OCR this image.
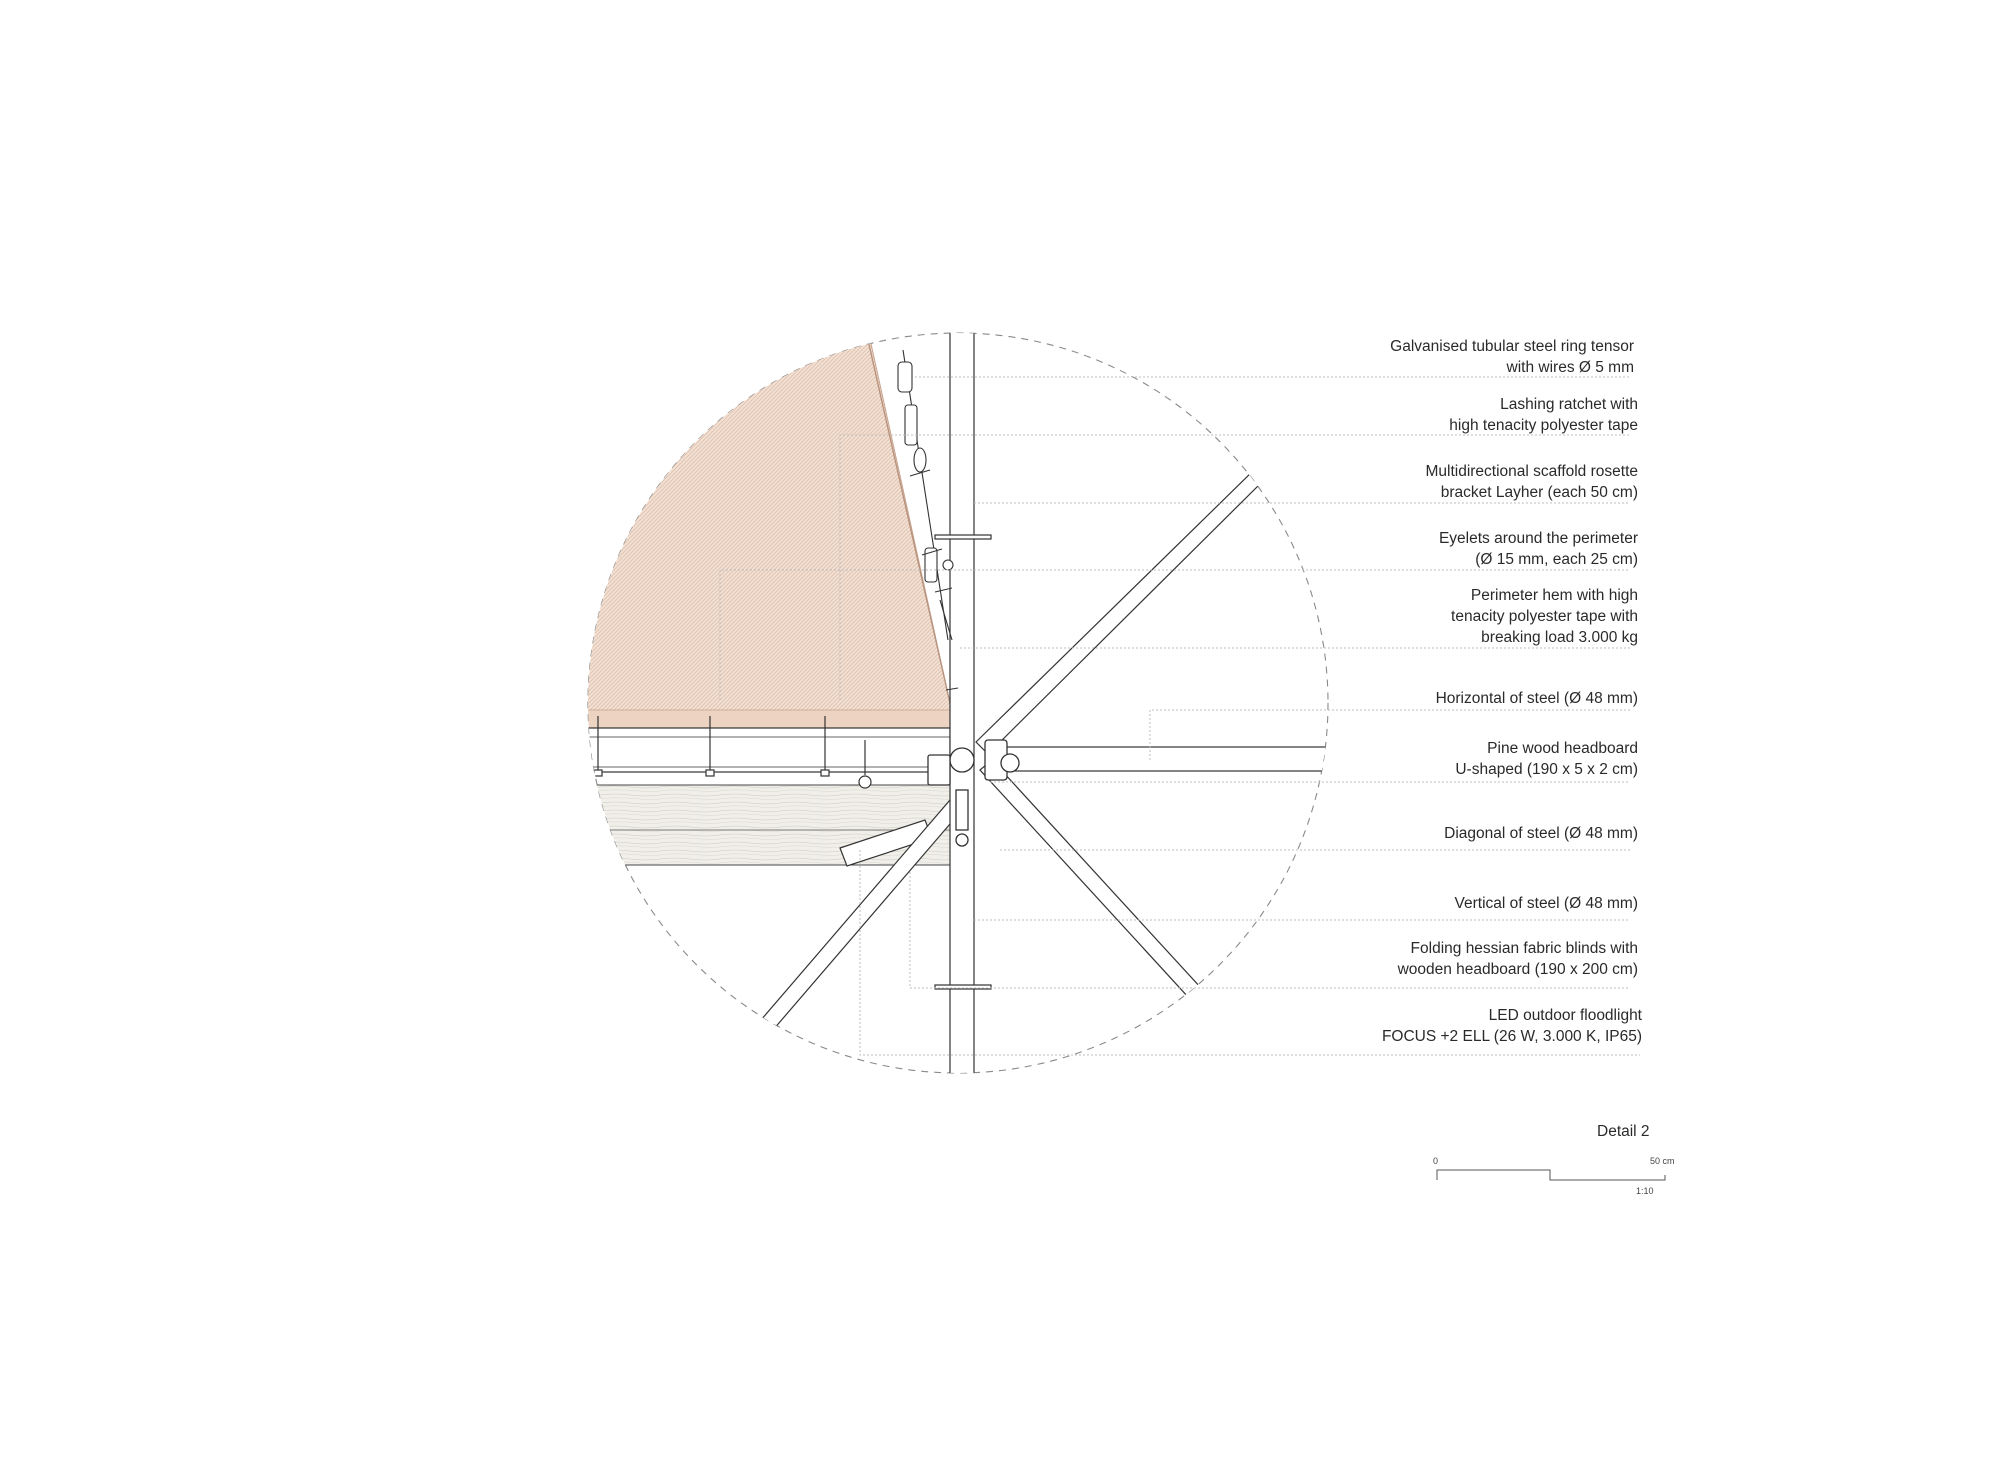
Galvanised tubular steel ring tensor
with wires Ø 5 mm
Lashing ratchet with
high tenacity polyester tape
Multidirectional scaffold rosette
bracket Layher (each 50 cm)
Eyelets around the perimeter
(Ø 15 mm, each 25 cm)
Perimeter hem with high
tenacity polyester tape with
breaking load 3.000 kg
Horizontal of steel (Ø 48 mm)
Pine wood headboard
U-shaped (190 x 5 x 2 cm)
Diagonal of steel (Ø 48 mm)
Vertical of steel (Ø 48 mm)
Folding hessian fabric blinds with
wooden headboard (190 x 200 cm)
LED outdoor floodlight
FOCUS +2 ELL (26 W, 3.000 K, IP65)
Detail 2
0	50 cm
1:10
